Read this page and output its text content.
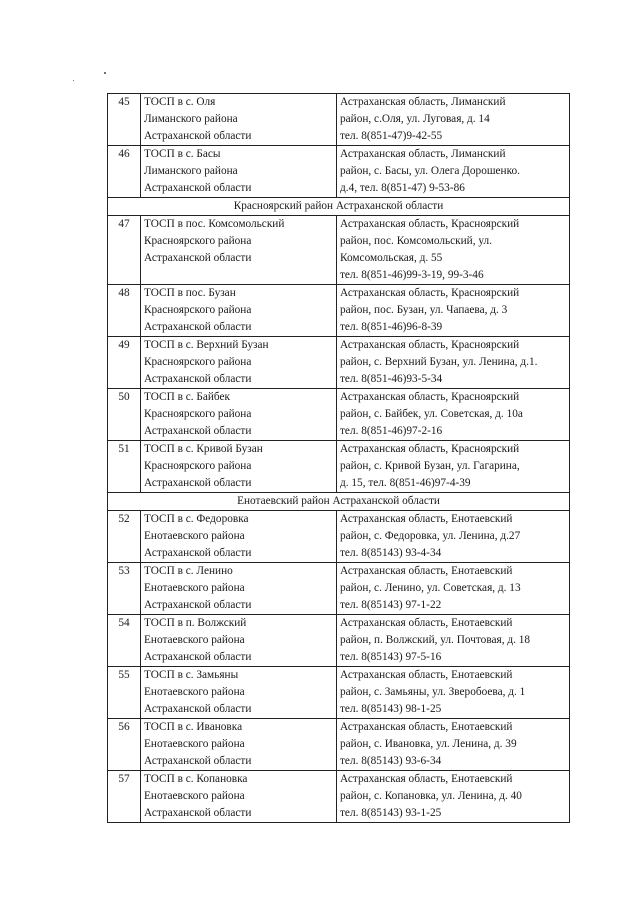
45	ТОСП в с. Оля
Лиманского района
Астраханской области	Астраханская область, Лиманский
район, с.Оля, ул. Луговая, д. 14
тел. 8(851-47)9-42-55

46	ТОСП в с. Басы
Лиманского района
Астраханской области	Астраханская область, Лиманский
район, с. Басы, ул. Олега Дорошенко.
д.4, тел. 8(851-47) 9-53-86

Красноярский район Астраханской области		
47	ТОСП в пос. Комсомольский
Красноярского района
Астраханской области	Астраханская область, Красноярский
район, пос. Комсомольский, ул.
Комсомольская, д. 55
тел. 8(851-46)99-3-19, 99-3-46

48	ТОСП в пос. Бузан
Красноярского района
Астраханской области	Астраханская область, Красноярский
район, пос. Бузан, ул. Чапаева, д. 3
тел. 8(851-46)96-8-39

49	ТОСП в с. Верхний Бузан
Красноярского района
Астраханской области	Астраханская область, Красноярский
район, с. Верхний Бузан, ул. Ленина, д.1.
тел. 8(851-46)93-5-34

50	ТОСП в с. Байбек
Красноярского района
Астраханской области	Астраханская область, Красноярский
район, с. Байбек, ул. Советская, д. 10а
тел. 8(851-46)97-2-16

51	ТОСП в с. Кривой Бузан
Красноярского района
Астраханской области	Астраханская область, Красноярский
район, с. Кривой Бузан, ул. Гагарина,
д. 15, тел. 8(851-46)97-4-39

Енотаевский район Астраханской области		
52	ТОСП в с. Федоровка
Енотаевского района
Астраханской области	Астраханская область, Енотаевский
район, с. Федоровка, ул. Ленина, д.27
тел. 8(85143) 93-4-34

53	ТОСП в с. Ленино
Енотаевского района
Астраханской области	Астраханская область, Енотаевский
район, с. Ленино, ул. Советская, д. 13
тел. 8(85143) 97-1-22

54	ТОСП в п. Волжский
Енотаевского района
Астраханской области	Астраханская область, Енотаевский
район, п. Волжский, ул. Почтовая, д. 18
тел. 8(85143) 97-5-16

55	ТОСП в с. Замьяны
Енотаевского района
Астраханской области	Астраханская область, Енотаевский
район, с. Замьяны, ул. Зверобоева, д. 1
тел. 8(85143) 98-1-25

56	ТОСП в с. Ивановка
Енотаевского района
Астраханской области	Астраханская область, Енотаевский
район, с. Ивановка, ул. Ленина, д. 39
тел. 8(85143) 93-6-34

57	ТОСП в с. Копановка
Енотаевского района
Астраханской области	Астраханская область, Енотаевский
район, с. Копановка, ул. Ленина, д. 40
тел. 8(85143) 93-1-25
